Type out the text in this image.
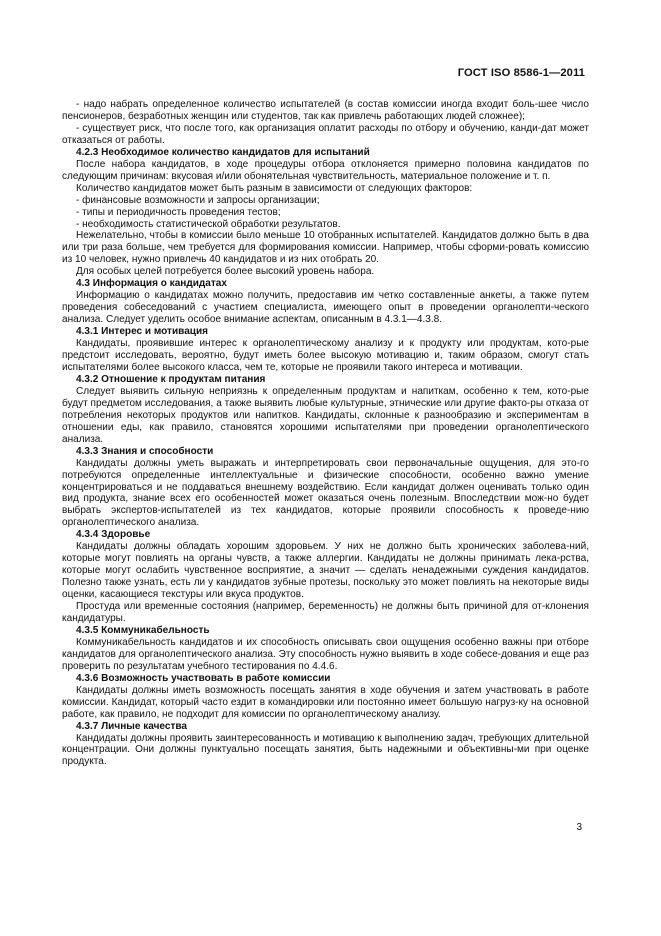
ГОСТ ISO 8586-1—2011

- надо набрать определенное количество испытателей (в состав комиссии иногда входит боль-шее число пенсионеров, безработных женщин или студентов, так как привлечь работающих людей сложнее);

- существует риск, что после того, как организация оплатит расходы по отбору и обучению, канди-дат может отказаться от работы.

4.2.3 Необходимое количество кандидатов для испытаний

После набора кандидатов, в ходе процедуры отбора отклоняется примерно половина кандидатов по следующим причинам: вкусовая и/или обонятельная чувствительность, материальное положение и т. п.

Количество кандидатов может быть разным в зависимости от следующих факторов:

- финансовые возможности и запросы организации;

- типы и периодичность проведения тестов;

- необходимость статистической обработки результатов.

Нежелательно, чтобы в комиссии было меньше 10 отобранных испытателей. Кандидатов должно быть в два или три раза больше, чем требуется для формирования комиссии. Например, чтобы сформи-ровать комиссию из 10 человек, нужно привлечь 40 кандидатов и из них отобрать 20.

Для особых целей потребуется более высокий уровень набора.

4.3 Информация о кандидатах

Информацию о кандидатах можно получить, предоставив им четко составленные анкеты, а также путем проведения собеседований с участием специалиста, имеющего опыт в проведении органолепти-ческого анализа. Следует уделить особое внимание аспектам, описанным в 4.3.1—4.3.8.

4.3.1 Интерес и мотивация

Кандидаты, проявившие интерес к органолептическому анализу и к продукту или продуктам, кото-рые предстоит исследовать, вероятно, будут иметь более высокую мотивацию и, таким образом, смогут стать испытателями более высокого класса, чем те, которые не проявили такого интереса и мотивации.

4.3.2 Отношение к продуктам питания

Следует выявить сильную неприязнь к определенным продуктам и напиткам, особенно к тем, кото-рые будут предметом исследования, а также выявить любые культурные, этнические или другие факто-ры отказа от потребления некоторых продуктов или напитков. Кандидаты, склонные к разнообразию и экспериментам в отношении еды, как правило, становятся хорошими испытателями при проведении органолептического анализа.

4.3.3 Знания и способности

Кандидаты должны уметь выражать и интерпретировать свои первоначальные ощущения, для это-го потребуются определенные интеллектуальные и физические способности, особенно важно умение концентрироваться и не поддаваться внешнему воздействию. Если кандидат должен оценивать только один вид продукта, знание всех его особенностей может оказаться очень полезным. Впоследствии мож-но будет выбрать экспертов-испытателей из тех кандидатов, которые проявили способность к проведе-нию органолептического анализа.

4.3.4 Здоровье

Кандидаты должны обладать хорошим здоровьем. У них не должно быть хронических заболева-ний, которые могут повлиять на органы чувств, а также аллергии. Кандидаты не должны принимать лека-рства, которые могут ослабить чувственное восприятие, а значит — сделать ненадежными суждения кандидатов. Полезно также узнать, есть ли у кандидатов зубные протезы, поскольку это может повлиять на некоторые виды оценки, касающиеся текстуры или вкуса продуктов.

Простуда или временные состояния (например, беременность) не должны быть причиной для от-клонения кандидатуры.

4.3.5 Коммуникабельность

Коммуникабельность кандидатов и их способность описывать свои ощущения особенно важны при отборе кандидатов для органолептического анализа. Эту способность нужно выявить в ходе собесе-дования и еще раз проверить по результатам учебного тестирования по 4.4.6.

4.3.6 Возможность участвовать в работе комиссии

Кандидаты должны иметь возможность посещать занятия в ходе обучения и затем участвовать в работе комиссии. Кандидат, который часто ездит в командировки или постоянно имеет большую нагруз-ку на основной работе, как правило, не подходит для комиссии по органолептическому анализу.

4.3.7 Личные качества

Кандидаты должны проявить заинтересованность и мотивацию к выполнению задач, требующих длительной концентрации. Они должны пунктуально посещать занятия, быть надежными и объективны-ми при оценке продукта.

3
